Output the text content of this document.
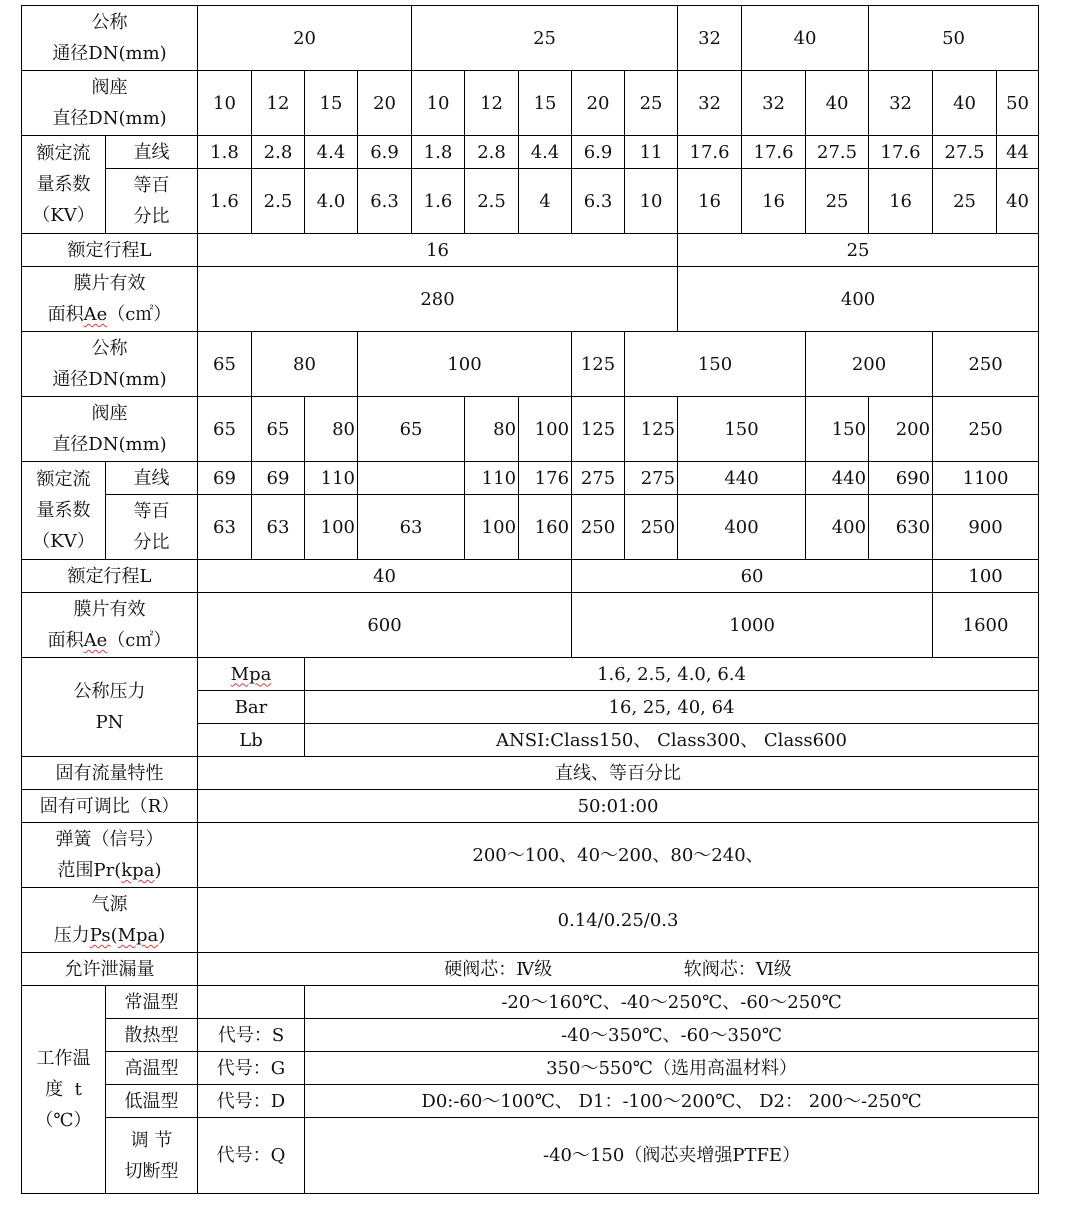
公称
通径DN(mm)		20				25					32	40		50		

阀座
直径DN(mm)		10	12	15	20	10	12	15	20	25	32	32	40	32	40	50

额定流
量系数
（KV）	直线	1.8	2.8	4.4	6.9	1.8	2.8	4.4	6.9	11	17.6	17.6	27.5	17.6	27.5	44

	等百
分比	1.6	2.5	4.0	6.3	1.6	2.5	4	6.3	10	16	16	25	16	25	40
额定行程L		16									25					

膜片有效
面积Ae（c㎡）		280									400					

公称
通径DN(mm)		65	80		100				125	150			200		250	

阀座
直径DN(mm)		65	65	80	65		80	100	125	125	150		150	200	250	

额定流
量系数
（KV）	直线	69	69	110			110	176	275	275	440		440	690	1100	

	等百
分比	63	63	100	63		100	160	250	250	400		400	630	900	
额定行程L		40							60						100	

膜片有效
面积Ae（c㎡）		600							1000						1600	

公称压力
PN		Mpa		1.6, 2.5, 4.0, 6.4												
		Bar		16, 25, 40, 64												
		Lb		ANSI:Class150、 Class300、 Class600												
固有流量特性		直线、等百分比														
固有可调比（R）		50:01:00														

弹簧（信号）
范围Pr(kpa)		200～100、40～200、80～240、														

气源
压力Ps(Mpa)		0.14/0.25/0.3														
允许泄漏量		硬阀芯：Ⅳ级 软阀芯：Ⅵ级														

工作温
度  t
（℃）	常温型			-20～160℃、-40～250℃、-60～250℃												
	散热型	代号：S		-40～350℃、-60～350℃												
	高温型	代号：G		350～550℃（选用高温材料）												
	低温型	代号：D		D0:-60～100℃、 D1：-100～200℃、 D2： 200～-250℃												

	调 节
切断型	代号：Q		-40～150（阀芯夹增强PTFE）												
